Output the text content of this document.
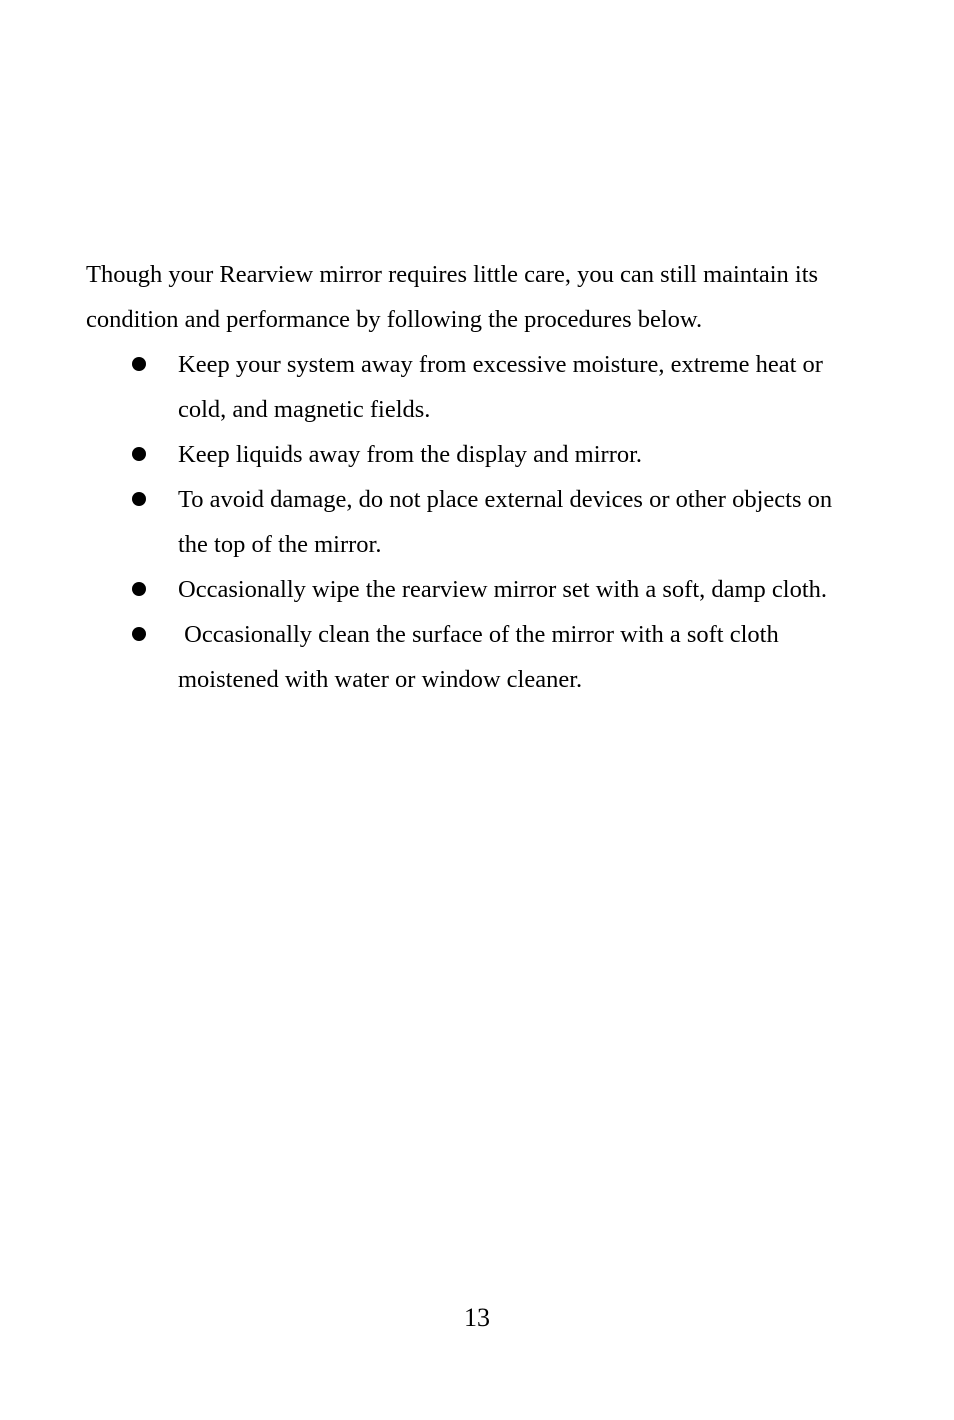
Though your Rearview mirror requires little care, you can still maintain its condition and performance by following the procedures below.

Keep your system away from excessive moisture, extreme heat or cold, and magnetic fields.
Keep liquids away from the display and mirror.
To avoid damage, do not place external devices or other objects on the top of the mirror.
Occasionally wipe the rearview mirror set with a soft, damp cloth.
Occasionally clean the surface of the mirror with a soft cloth moistened with water or window cleaner.
13
